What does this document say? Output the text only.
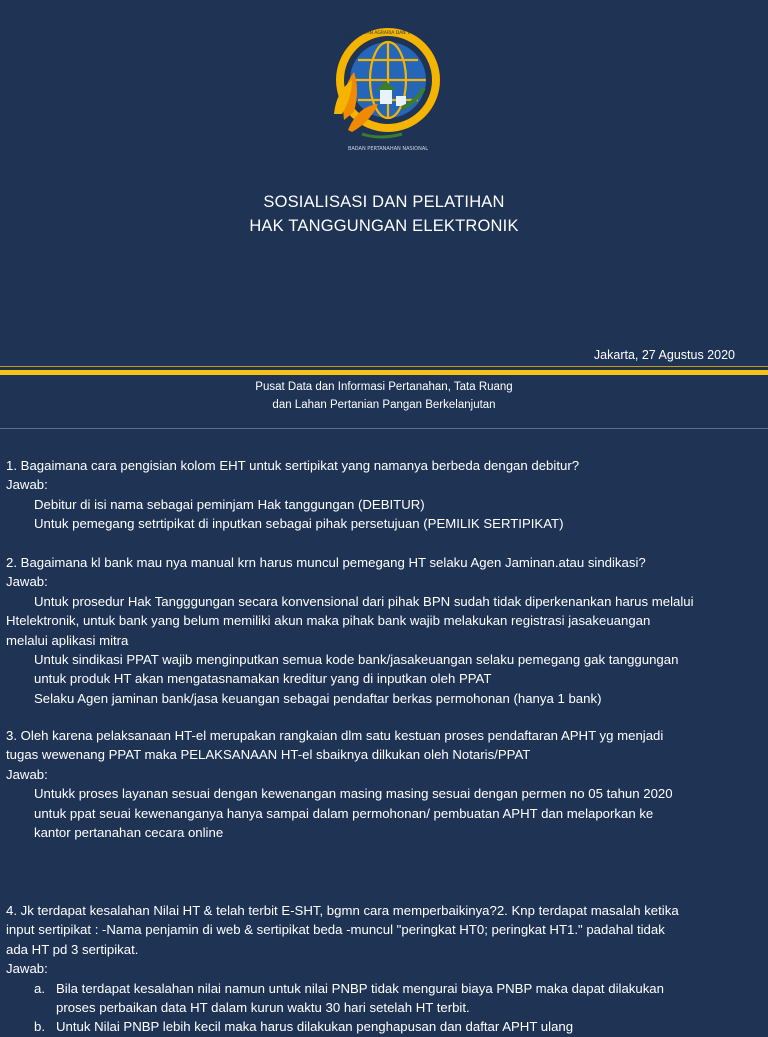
BADAN PERTANAHAN NASIONAL
KEMENTERIAN AGRARIA DAN TATA RUANG
SOSIALISASI DAN PELATIHAN
HAK TANGGUNGAN ELEKTRONIK
Jakarta, 27 Agustus 2020
Pusat Data dan Informasi Pertanahan, Tata Ruang
dan Lahan Pertanian Pangan Berkelanjutan
1. Bagaimana cara pengisian kolom EHT untuk sertipikat yang namanya berbeda dengan debitur?
Jawab:
Debitur di isi nama sebagai peminjam Hak tanggungan (DEBITUR)
Untuk pemegang setrtipikat di inputkan sebagai pihak persetujuan (PEMILIK SERTIPIKAT)
2. Bagaimana kl bank mau nya manual krn harus muncul pemegang HT selaku Agen Jaminan.atau sindikasi?
Jawab:
Untuk prosedur Hak Tangggungan secara konvensional dari pihak BPN sudah tidak diperkenankan harus melalui
Htelektronik, untuk bank yang belum memiliki akun maka pihak bank wajib melakukan registrasi jasakeuangan
melalui aplikasi mitra
Untuk sindikasi PPAT wajib menginputkan semua kode bank/jasakeuangan selaku pemegang gak tanggungan
untuk produk HT akan mengatasnamakan kreditur yang di inputkan oleh PPAT
Selaku Agen jaminan bank/jasa keuangan sebagai pendaftar berkas permohonan (hanya 1 bank)
3. Oleh karena pelaksanaan HT-el merupakan rangkaian dlm satu kestuan proses pendaftaran APHT yg menjadi
tugas wewenang PPAT maka PELAKSANAAN HT-el sbaiknya dilkukan oleh Notaris/PPAT
Jawab:
Untukk proses layanan sesuai dengan kewenangan masing masing sesuai dengan permen no 05 tahun 2020
untuk ppat seuai kewenanganya hanya sampai dalam permohonan/ pembuatan APHT dan melaporkan ke
kantor pertanahan cecara online
4. Jk terdapat kesalahan Nilai HT & telah terbit E-SHT, bgmn cara memperbaikinya?2. Knp terdapat masalah ketika
input sertipikat : -Nama penjamin di web & sertipikat beda -muncul "peringkat HT0; peringkat HT1." padahal tidak
ada HT pd 3 sertipikat.
Jawab:
a. Bila terdapat kesalahan nilai namun untuk nilai PNBP tidak mengurai biaya PNBP maka dapat dilakukan
proses perbaikan data HT dalam kurun waktu 30 hari setelah HT terbit.
b. Untuk Nilai PNBP lebih kecil maka harus dilakukan penghapusan dan daftar APHT ulang
